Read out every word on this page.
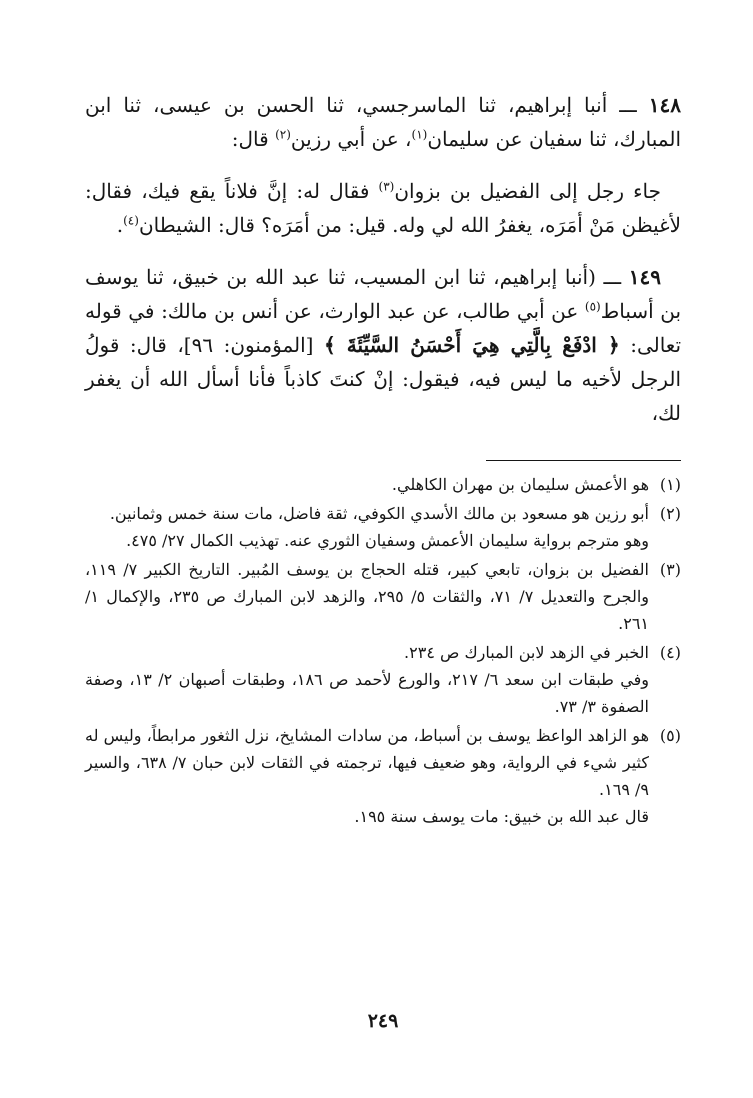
١٤٨ ـــ أنبا إبراهيم، ثنا الماسرجسي، ثنا الحسن بن عيسى، ثنا ابن المبارك، ثنا سفيان عن سليمان$^{(١)}$، عن أبي رزين$^{(٢)}$ قال:

 جاء رجل إلى الفضيل بن بزوان$^{(٣)}$ فقال له: إنَّ فلاناً يقع فيك، فقال: لأغيظن مَنْ أمَرَه، يغفرُ الله لي وله. قيل: من أمَرَه؟ قال: الشيطان$^{(٤)}$.

 ١٤٩ ـــ (أنبا إبراهيم، ثنا ابن المسيب، ثنا عبد الله بن خبيق، ثنا يوسف بن أسباط$^{(٥)}$ عن أبي طالب، عن عبد الوارث، عن أنس بن مالك: في قوله تعالى: ﴿ ادْفَعْ بِالَّتِي هِيَ أَحْسَنُ السَّيِّئَةَ ﴾ [المؤمنون: ٩٦]، قال: قولُ الرجل لأخيه ما ليس فيه، فيقول: إنْ كنتَ كاذباً فأنا أسأل الله أن يغفر لك،

(١)

هو الأعمش سليمان بن مهران الكاهلي.

(٢)

أبو رزين هو مسعود بن مالك الأسدي الكوفي، ثقة فاضل، مات سنة خمس وثمانين.

وهو مترجم برواية سليمان الأعمش وسفيان الثوري عنه. تهذيب الكمال ٢٧/ ٤٧٥.

(٣)

الفضيل بن بزوان، تابعي كبير، قتله الحجاج بن يوسف المُبير. التاريخ الكبير ٧/ ١١٩، والجرح والتعديل ٧/ ٧١، والثقات ٥/ ٢٩٥، والزهد لابن المبارك ص ٢٣٥، والإكمال ١/ ٢٦١.

(٤)

الخبر في الزهد لابن المبارك ص ٢٣٤.

وفي طبقات ابن سعد ٦/ ٢١٧، والورع لأحمد ص ١٨٦، وطبقات أصبهان ٢/ ١٣، وصفة الصفوة ٣/ ٧٣.

(٥)

هو الزاهد الواعظ يوسف بن أسباط، من سادات المشايخ، نزل الثغور مرابطاً، وليس له كثير شيء في الرواية، وهو ضعيف فيها، ترجمته في الثقات لابن حبان ٧/ ٦٣٨، والسير ٩/ ١٦٩.

قال عبد الله بن خبيق: مات يوسف سنة ١٩٥.

٢٤٩
